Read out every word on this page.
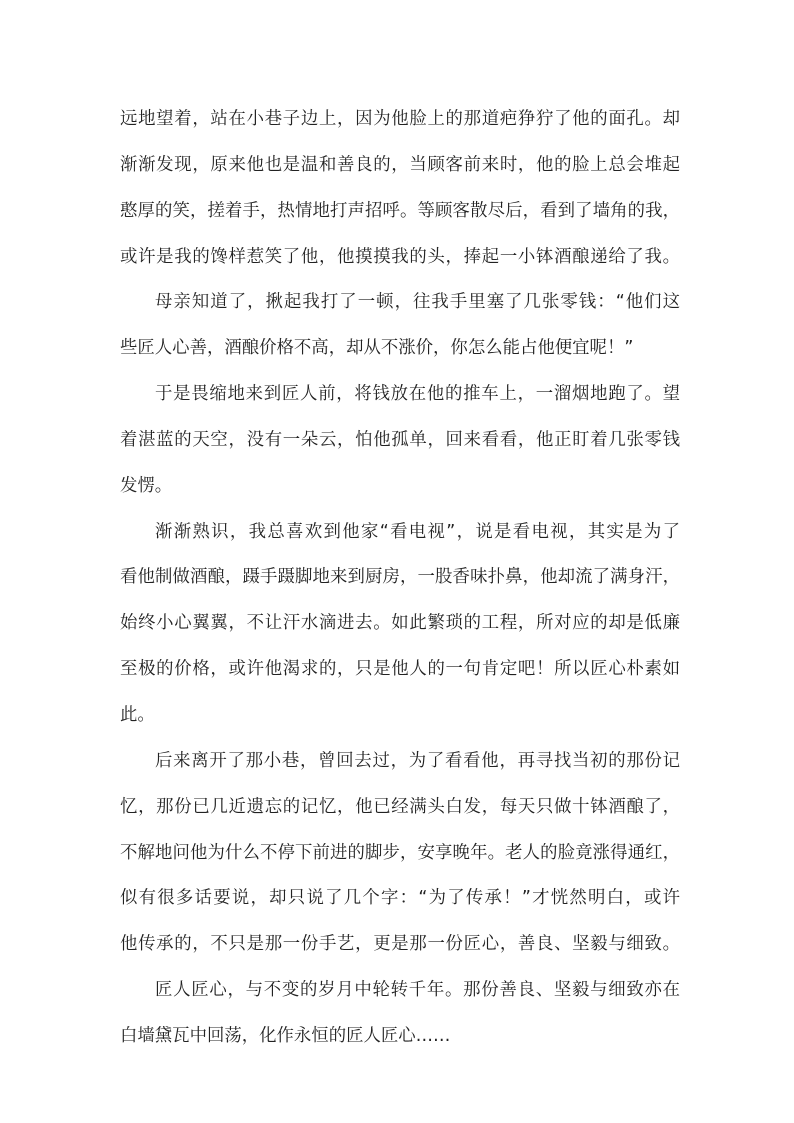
远地望着，站在小巷子边上，因为他脸上的那道疤狰狞了他的面孔。却
渐渐发现，原来他也是温和善良的，当顾客前来时，他的脸上总会堆起
憨厚的笑，搓着手，热情地打声招呼。等顾客散尽后，看到了墙角的我，
或许是我的馋样惹笑了他，他摸摸我的头，捧起一小钵酒酿递给了我。
母亲知道了，揪起我打了一顿，往我手里塞了几张零钱：“他们这
些匠人心善，酒酿价格不高，却从不涨价，你怎么能占他便宜呢！”
于是畏缩地来到匠人前，将钱放在他的推车上，一溜烟地跑了。望
着湛蓝的天空，没有一朵云，怕他孤单，回来看看，他正盯着几张零钱
发愣。
渐渐熟识，我总喜欢到他家“看电视”，说是看电视，其实是为了
看他制做酒酿，蹑手蹑脚地来到厨房，一股香味扑鼻，他却流了满身汗，
始终小心翼翼，不让汗水滴进去。如此繁琐的工程，所对应的却是低廉
至极的价格，或许他渴求的，只是他人的一句肯定吧！所以匠心朴素如
此。
后来离开了那小巷，曾回去过，为了看看他，再寻找当初的那份记
忆，那份已几近遗忘的记忆，他已经满头白发，每天只做十钵酒酿了，
不解地问他为什么不停下前进的脚步，安享晚年。老人的脸竟涨得通红，
似有很多话要说，却只说了几个字：“为了传承！”才恍然明白，或许
他传承的，不只是那一份手艺，更是那一份匠心，善良、坚毅与细致。
匠人匠心，与不变的岁月中轮转千年。那份善良、坚毅与细致亦在
白墙黛瓦中回荡，化作永恒的匠人匠心……
